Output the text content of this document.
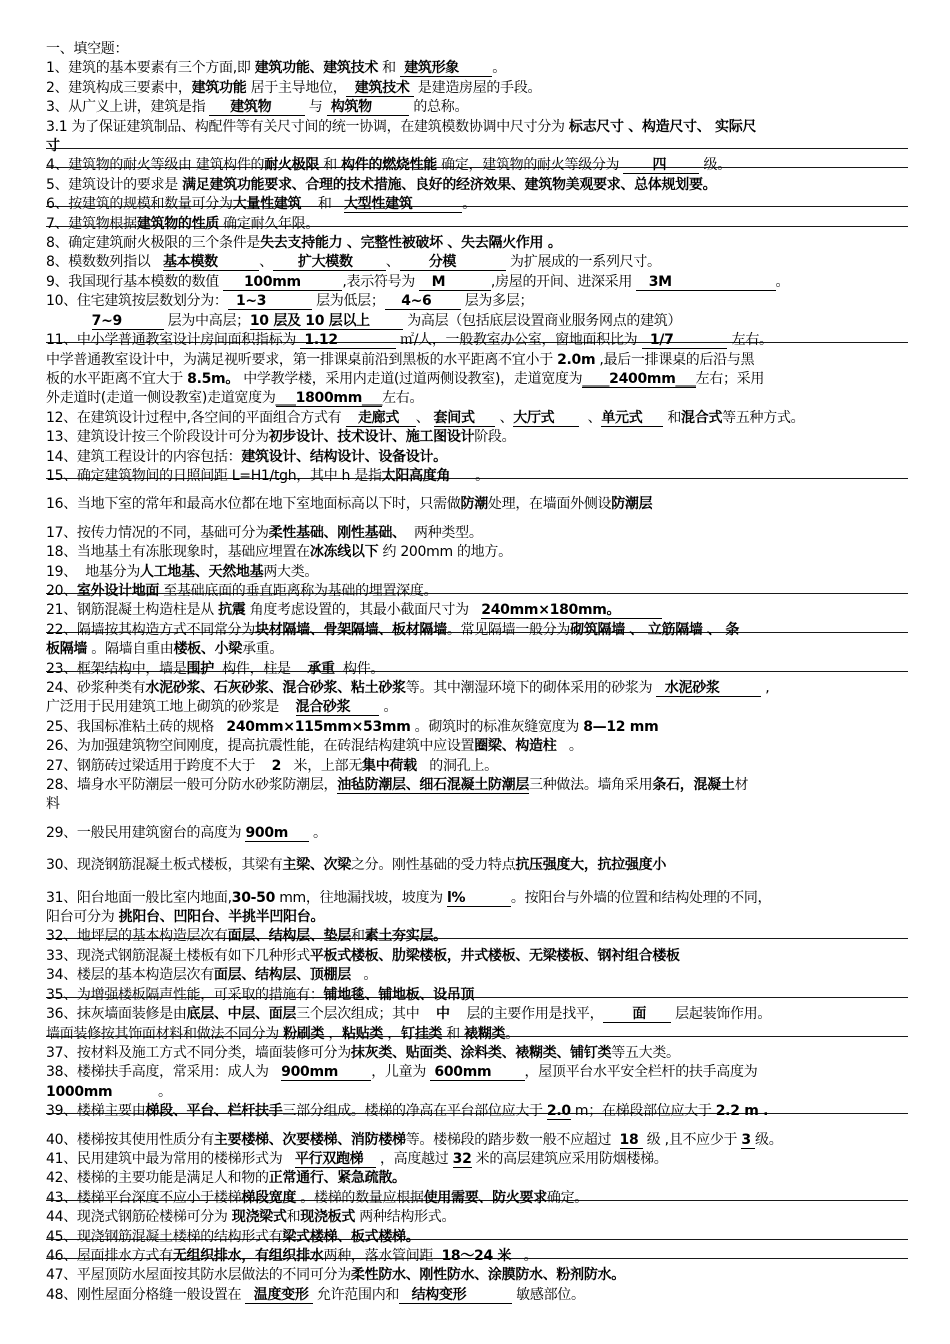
一、填空题：
1、建筑的基本要素有三个方面,即 建筑功能、建筑技术 和  建筑形象 。
2、建筑构成三要素中，建筑功能 居于主导地位， 建筑技术  是建造房屋的手段。
3、从广义上讲，建筑是指      建筑物         与  构筑物	的总称。
3.1 为了保证建筑制品、构配件等有关尺寸间的统一协调，在建筑模数协调中尺寸分为 标志尺寸 、构造尺寸、 实际尺
寸
4、建筑物的耐火等级由 建筑构件的耐火极限 和 构件的燃烧性能 确定，建筑物的耐火等级分为        四         级。
5、建筑设计的要求是 满足建筑功能要求、合理的技术措施、良好的经济效果、建筑物美观要求、总体规划要。
6、按建筑的规模和数量可分为大量性建筑    和   大型性建筑	。
7、建筑物根据建筑物的性质 确定耐久年限。
8、确定建筑耐火极限的三个条件是失去支持能力 、完整性被破坏 、失去隔火作用 。
8、模数数列指以   基本模数	、 扩大模数 、 分模	为扩展成的一系列尺寸。
9、我国现行基本模数的数值      100mm	,表示符号为    M	,房屋的开间、进深采用    3M	。
10、住宅建筑按层数划分为： 1~3	层为低层； 4~6        层为多层；
7~9	层为中高层；10 层及 10 层以上         为高层（包括底层设置商业服务网点的建筑）
11、中小学普通教室设计房间面积指标为  1.12	㎡/人，一般教室办公室，窗地面积比为   1/7	左右。
中学普通教室设计中，为满足视听要求，第一排课桌前沿到黑板的水平距离不宜小于 2.0m ,最后一排课桌的后沿与黑
板的水平距离不宜大于 8.5m。 中学教学楼，采用内走道(过道两侧设教室)，走道宽度为____2400mm___左右；采用
外走道时(走道一侧设教室)走道宽度为___1800mm___左右。
12、在建筑设计过程中,各空间的平面组合方式有    走廊式 、 套间式      、大厅式        、单元式      和混合式等五种方式。
13、建筑设计按三个阶段设计可分为初步设计、技术设计、施工图设计阶段。
14、建筑工程设计的内容包括：建筑设计、结构设计、设备设计。
15、确定建筑物间的日照间距 L=H1/tgh，其中 h 是指太阳高度角      。
16、当地下室的常年和最高水位都在地下室地面标高以下时，只需做防潮处理，在墙面外侧设防潮层
17、按传力情况的不同，基础可分为柔性基础、刚性基础、  两种类型。
18、当地基土有冻胀现象时，基础应埋置在冰冻线以下 约 200mm 的地方。
19、  地基分为人工地基、天然地基两大类。
20、室外设计地面 至基础底面的垂直距离称为基础的埋置深度。
21、钢筋混凝土构造柱是从 抗震 角度考虑设置的，其最小截面尺寸为   240mm×180mm。
22、隔墙按其构造方式不同常分为块材隔墙、骨架隔墙、板材隔墙。常见隔墙一般分为砌筑隔墙 、 立筋隔墙 、 条
板隔墙 。隔墙自重由楼板、小梁承重。
23、框架结构中，墙是围护  构件，柱是    承重  构件。
24、砂浆种类有水泥砂浆、石灰砂浆、混合砂浆、粘土砂浆等。其中潮湿环境下的砌体采用的砂浆为   水泥砂浆	,
广泛用于民用建筑工地上砌筑的砂浆是    混合砂浆        。
25、我国标准粘土砖的规格   240mm×115mm×53mm 。砌筑时的标准灰缝宽度为 8—12 mm
26、为加强建筑物空间刚度，提高抗震性能，在砖混结构建筑中应设置圈梁、构造柱   。
27、钢筋砖过梁适用于跨度不大于    2   米，上部无集中荷载   的洞孔上。
28、墙身水平防潮层一般可分防水砂浆防潮层，油毡防潮层、细石混凝土防潮层三种做法。墙角采用条石，混凝土材
料
29、一般民用建筑窗台的高度为 900m      。
30、现浇钢筋混凝土板式楼板，其梁有主梁、次梁之分。刚性基础的受力特点抗压强度大，抗拉强度小
31、阳台地面一般比室内地面,30-50 mm，往地漏找坡，坡度为 l%	。按阳台与外墙的位置和结构处理的不同，
阳台可分为 挑阳台、凹阳台、半挑半凹阳台。
32、地坪层的基本构造层次有面层、结构层、垫层和素土夯实层。
33、现浇式钢筋混凝土楼板有如下几种形式平板式楼板、肋梁楼板，井式楼板、无梁楼板、钢衬组合楼板
34、楼层的基本构造层次有面层、结构层、顶棚层   。
35、为增强楼板隔声性能，可采取的措施有：铺地毯、铺地板、设吊顶
36、抹灰墙面装修是由底层、中层、面层三个层次组成；其中    中    层的主要作用是找平， 面       层起装饰作用。
墙面装修按其饰面材料和做法不同分为 粉刷类 ，粘贴类 ，钉挂类 和 裱糊类。
37、按材料及施工方式不同分类，墙面装修可分为抹灰类、贴面类、涂料类、裱糊类、铺钉类等五大类。
38、楼梯扶手高度，常采用：成人为   900mm ，儿童为  600mm ，屋顶平台水平安全栏杆的扶手高度为
1000mm           。
39、楼梯主要由梯段、平台、栏杆扶手三部分组成。楼梯的净高在平台部位应大于 2.0 m；在梯段部位应大于 2.2 m .
40、楼梯按其使用性质分有主要楼梯、次要楼梯、消防楼梯等。楼梯段的踏步数一般不应超过  18  级 ,且不应少于 3 级。
41、民用建筑中最为常用的楼梯形式为   平行双跑梯    ，高度越过 32 米的高层建筑应采用防烟楼梯。
42、楼梯的主要功能是满足人和物的正常通行、紧急疏散。
43、楼梯平台深度不应小于楼梯梯段宽度 。楼梯的数量应根据使用需要、防火要求确定。
44、现浇式钢筋砼楼梯可分为 现浇梁式和现浇板式 两种结构形式。
45、现浇钢筋混凝土楼梯的结构形式有梁式楼梯、板式楼梯。
46、屋面排水方式有无组织排水，有组织排水两种，落水管间距  18～24 米   。
47、平屋顶防水屋面按其防水层做法的不同可分为柔性防水、刚性防水、涂膜防水、粉剂防水。
48、刚性屋面分格缝一般设置在   温度变形  允许范围内和 结构变形	敏感部位。
